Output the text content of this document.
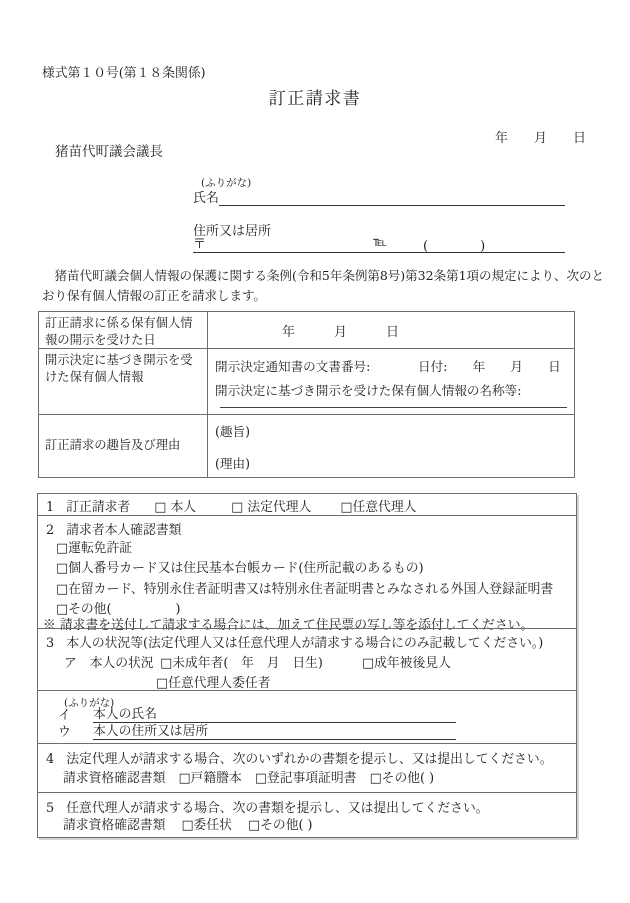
様式第１０号(第１８条関係)
訂正請求書
年　　月　　日
猪苗代町議会議長
(ふりがな)
氏名
住所又は居所
〒	℡	(　　　　)
　猪苗代町議会個人情報の保護に関する条例(令和5年条例第8号)第32条第1項の規定により、次のと
おり保有個人情報の訂正を請求します。
訂正請求に係る保有個人情報の開示を受けた日	年　　　月　　　日
開示決定に基づき開示を受けた保有個人情報
開示決定通知書の文書番号:	日付:　　年　　月　　日
開示決定に基づき開示を受けた保有個人情報の名称等:
訂正請求の趣旨及び理由
(趣旨)
(理由)
1 訂正請求者 □ 本人	□ 法定代理人 □任意代理人
2 請求者本人確認書類
□運転免許証
□個人番号カード又は住民基本台帳カード(住所記載のあるもの)
□在留カード、特別永住者証明書又は特別永住者証明書とみなされる外国人登録証明書
□その他(　　　　　)
※ 請求書を送付して請求する場合には、加えて住民票の写し等を添付してください。
3 本人の状況等(法定代理人又は任意代理人が請求する場合にのみ記載してください。)
ア　本人の状況 □未成年者(　年　月　日生)	□成年被後見人
□任意代理人委任者
(ふりがな)
イ	本人の氏名
ウ	本人の住所又は居所
4 法定代理人が請求する場合、次のいずれかの書類を提示し、又は提出してください。
請求資格確認書類 □戸籍謄本 □登記事項証明書 □その他( )
5 任意代理人が請求する場合、次の書類を提示し、又は提出してください。
請求資格確認書類 □委任状 □その他( )
